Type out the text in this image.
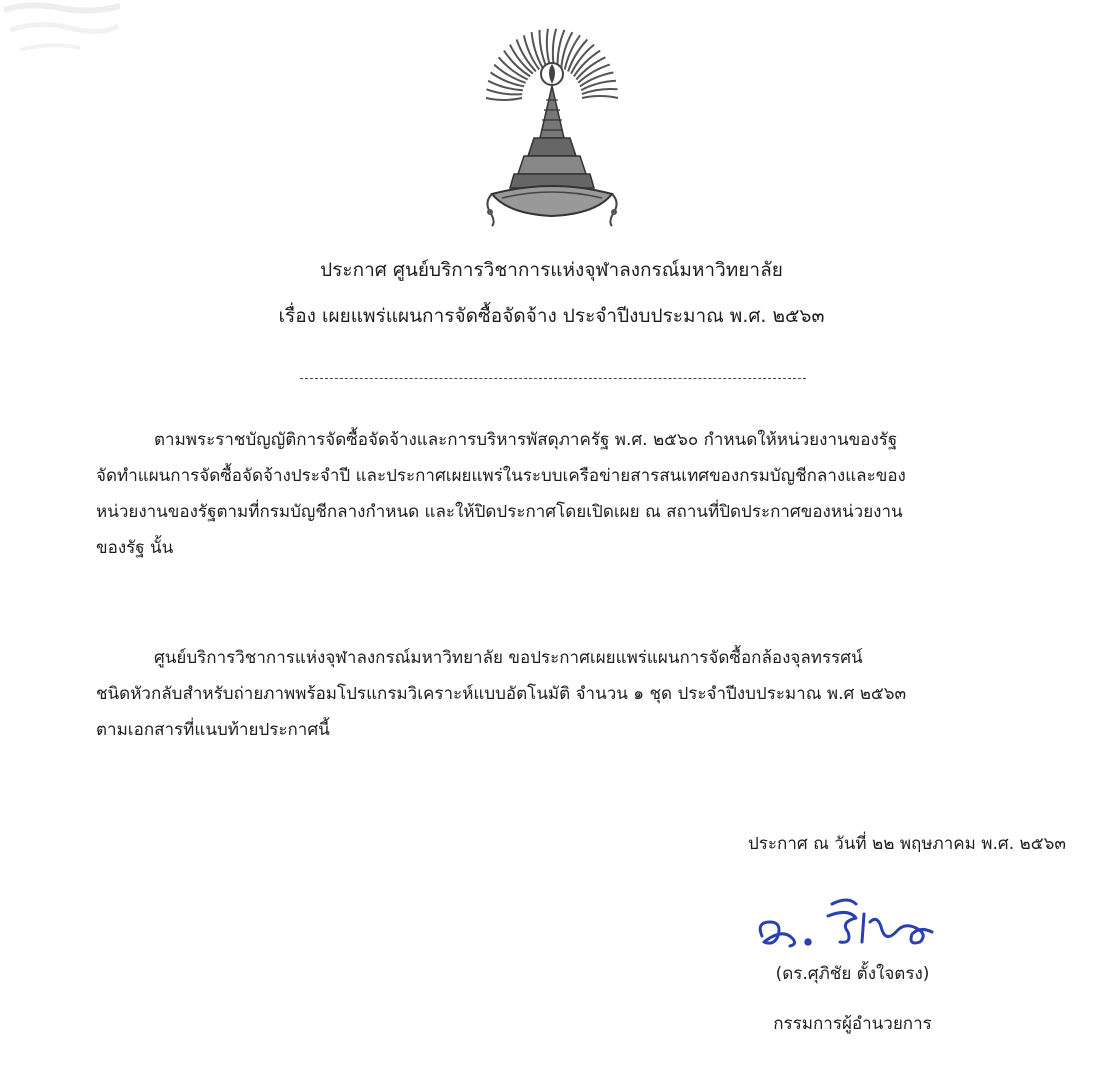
ประกาศ ศูนย์บริการวิชาการแห่งจุฬาลงกรณ์มหาวิทยาลัย
เรื่อง เผยแพร่แผนการจัดซื้อจัดจ้าง ประจำปีงบประมาณ พ.ศ. ๒๕๖๓
ตามพระราชบัญญัติการจัดซื้อจัดจ้างและการบริหารพัสดุภาครัฐ พ.ศ. ๒๕๖๐ กำหนดให้หน่วยงานของรัฐ
จัดทำแผนการจัดซื้อจัดจ้างประจำปี และประกาศเผยแพร่ในระบบเครือข่ายสารสนเทศของกรมบัญชีกลางและของ
หน่วยงานของรัฐตามที่กรมบัญชีกลางกำหนด และให้ปิดประกาศโดยเปิดเผย ณ สถานที่ปิดประกาศของหน่วยงาน
ของรัฐ นั้น
ศูนย์บริการวิชาการแห่งจุฬาลงกรณ์มหาวิทยาลัย ขอประกาศเผยแพร่แผนการจัดซื้อกล้องจุลทรรศน์
ชนิดหัวกลับสำหรับถ่ายภาพพร้อมโปรแกรมวิเคราะห์แบบอัตโนมัติ จำนวน ๑ ชุด ประจำปีงบประมาณ พ.ศ ๒๕๖๓
ตามเอกสารที่แนบท้ายประกาศนี้
ประกาศ ณ วันที่ ๒๒ พฤษภาคม พ.ศ. ๒๕๖๓
(ดร.ศุภิชัย ตั้งใจตรง)
กรรมการผู้อำนวยการ
